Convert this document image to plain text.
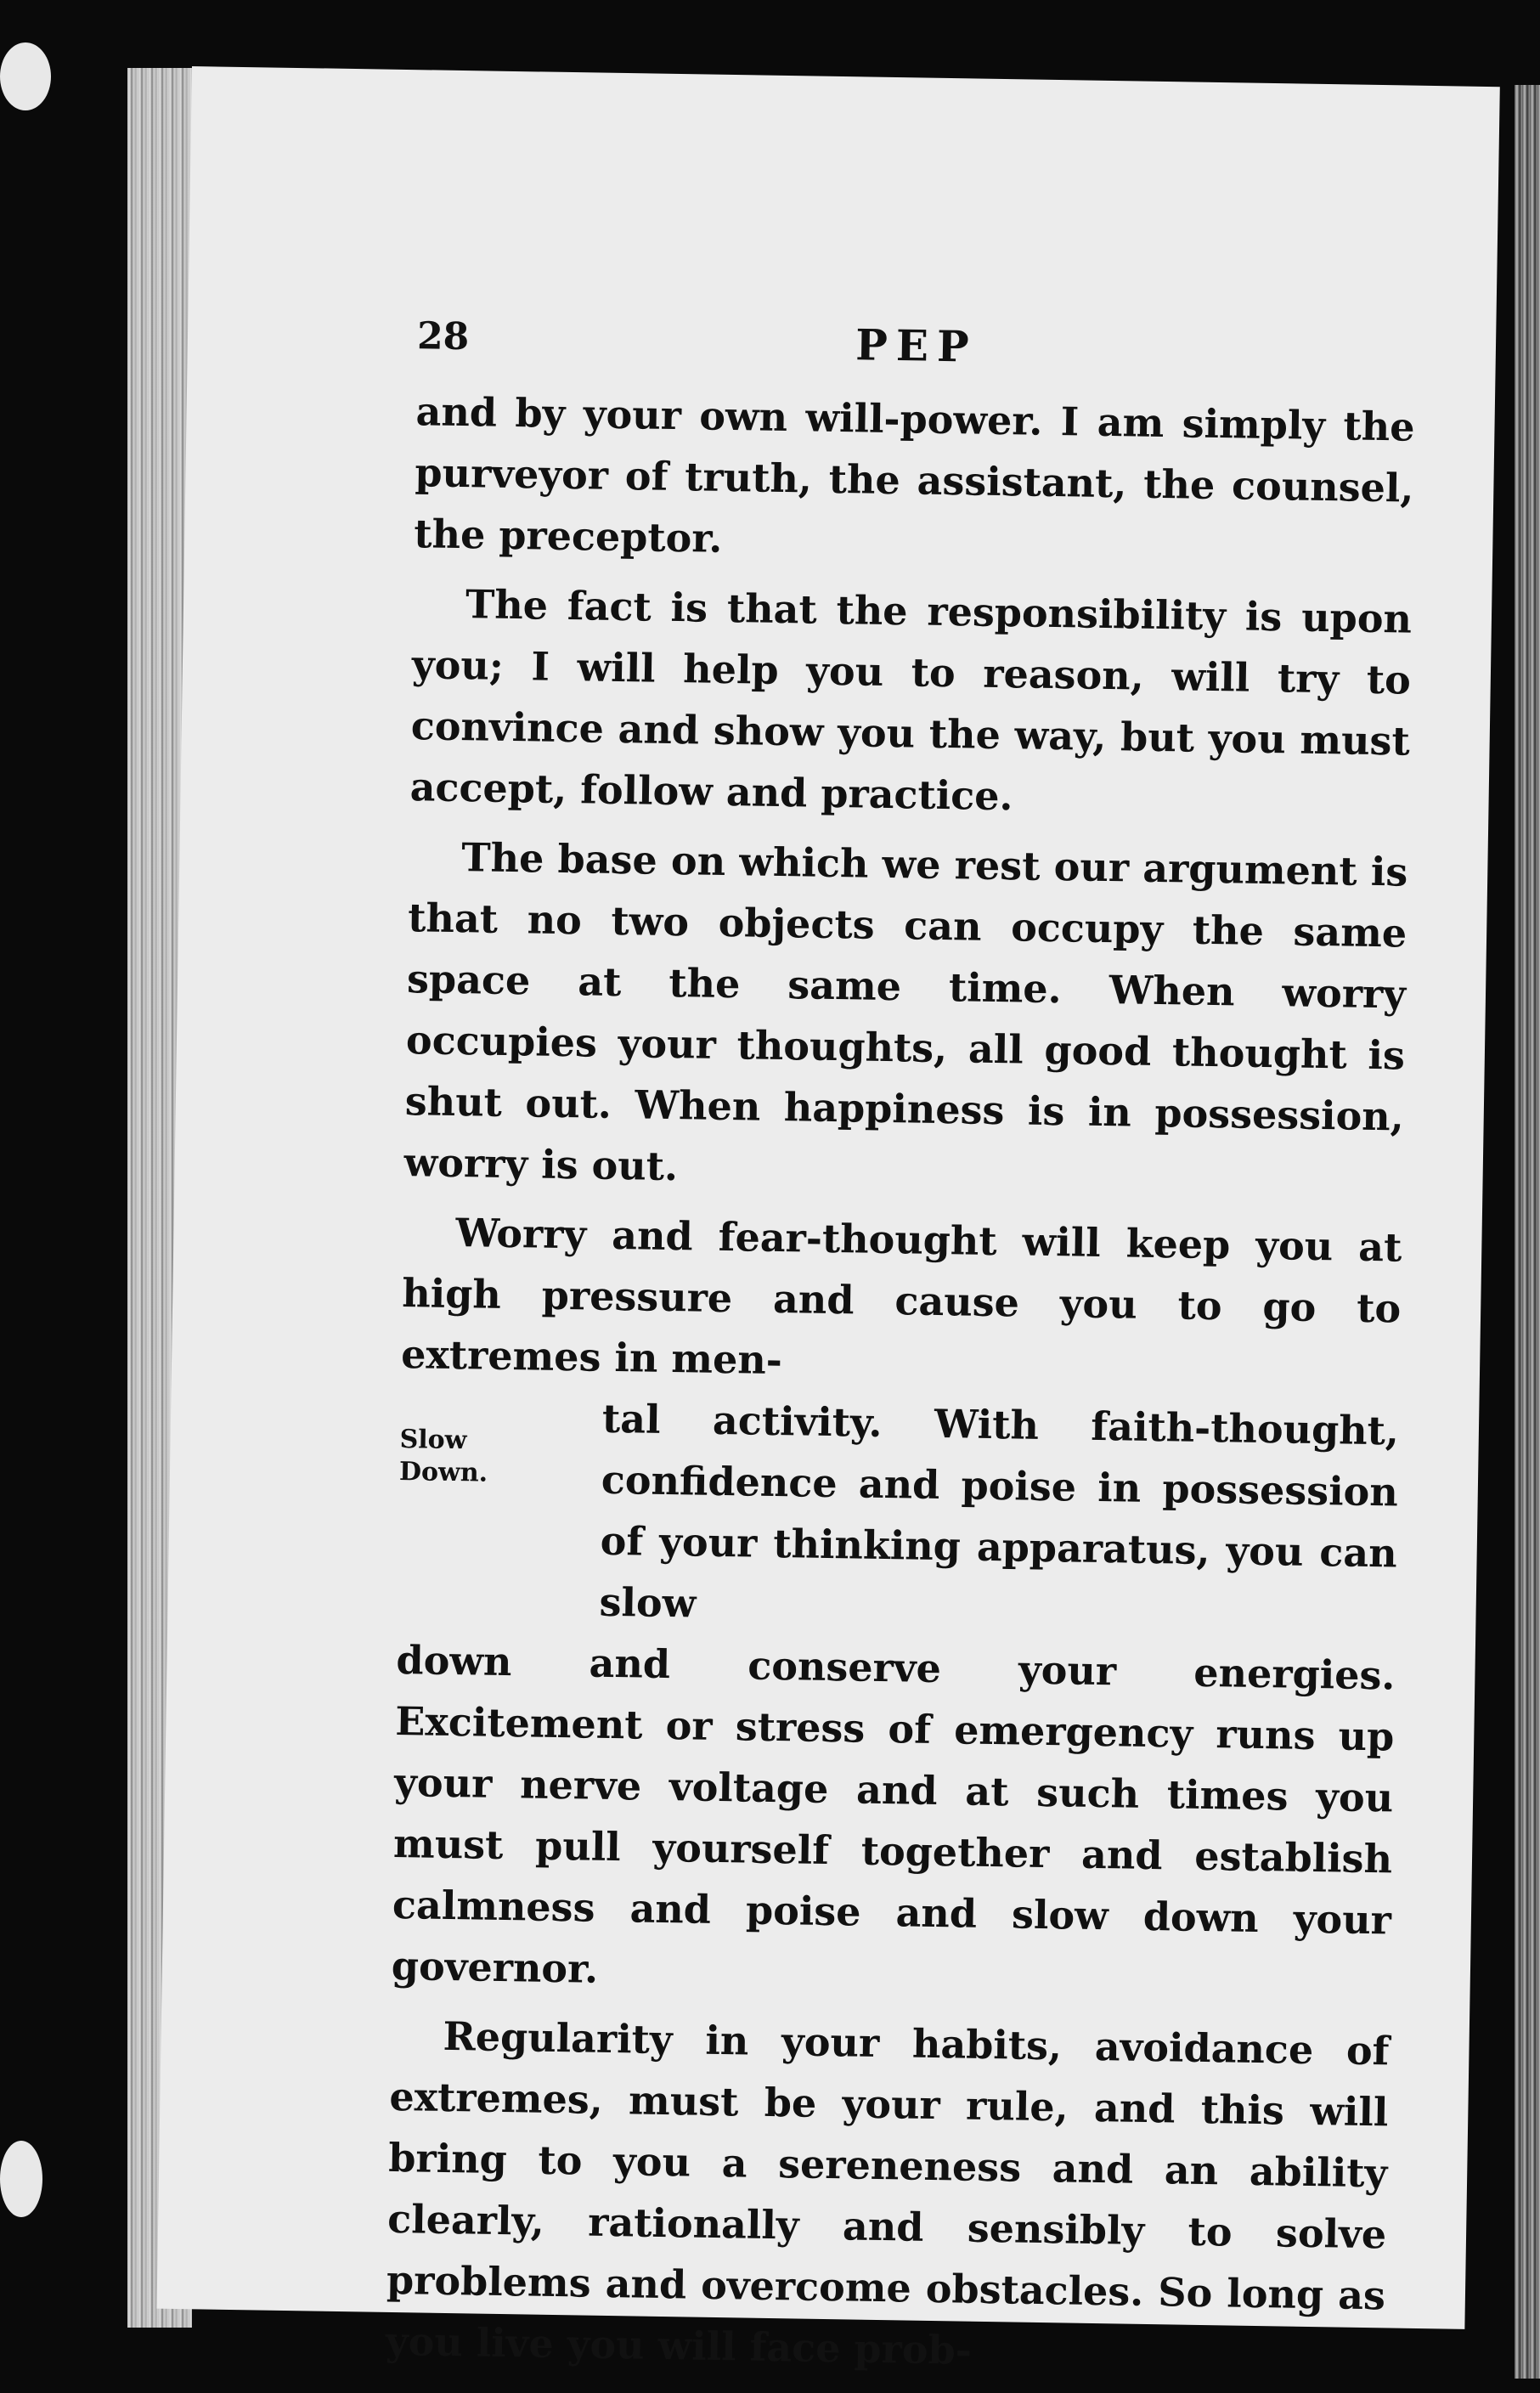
28	PEP

and by your own will-power. I am simply the purveyor of truth, the assistant, the counsel, the preceptor.

The fact is that the responsibility is upon you; I will help you to reason, will try to convince and show you the way, but you must accept, follow and practice.

The base on which we rest our argument is that no two objects can occupy the same space at the same time. When worry occupies your thoughts, all good thought is shut out. When happiness is in possession, worry is out.

Worry and fear-thought will keep you at high pressure and cause you to go to extremes in men-
Slow
Down.
tal activity. With faith-thought, confidence and poise in possession of your thinking apparatus, you can slow
down and conserve your energies. Excitement or stress of emergency runs up your nerve voltage and at such times you must pull yourself together and establish calmness and poise and slow down your governor.

Regularity in your habits, avoidance of extremes, must be your rule, and this will bring to you a sereneness and an ability clearly, rationally and sensibly to solve problems and overcome obstacles. So long as you live you will face prob-
